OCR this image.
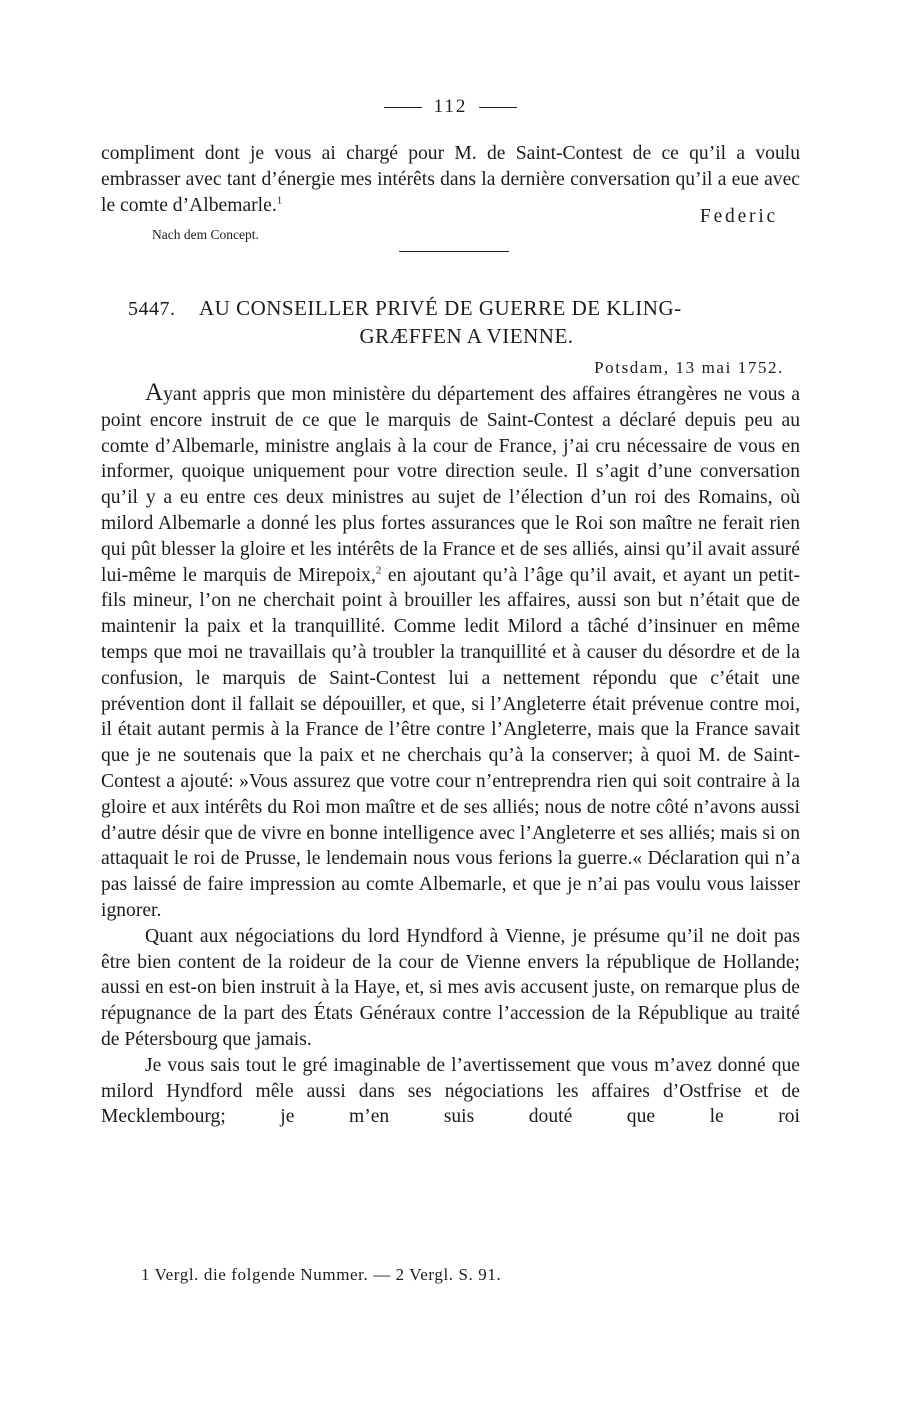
112

compliment dont je vous ai chargé pour M. de Saint-Contest de ce qu’il a voulu embrasser avec tant d’énergie mes intérêts dans la dernière conversation qu’il a eue avec le comte d’Albemarle.$^1$

Federic
Nach dem Concept.
5447. AU CONSEILLER PRIVÉ DE GUERRE DE KLING-
GRÆFFEN A VIENNE.
Potsdam, 13 mai 1752.

Ayant appris que mon ministère du département des affaires étrangères ne vous a point encore instruit de ce que le marquis de Saint-Contest a déclaré depuis peu au comte d’Albemarle, ministre anglais à la cour de France, j’ai cru nécessaire de vous en informer, quoique uniquement pour votre direction seule. Il s’agit d’une conversation qu’il y a eu entre ces deux ministres au sujet de l’élection d’un roi des Romains, où milord Albemarle a donné les plus fortes assurances que le Roi son maître ne ferait rien qui pût blesser la gloire et les intérêts de la France et de ses alliés, ainsi qu’il avait assuré lui-même le marquis de Mirepoix,$^2$ en ajoutant qu’à l’âge qu’il avait, et ayant un petit-fils mineur, l’on ne cherchait point à brouiller les affaires, aussi son but n’était que de maintenir la paix et la tranquillité. Comme ledit Milord a tâché d’insinuer en même temps que moi ne travaillais qu’à troubler la tranquillité et à causer du désordre et de la confusion, le marquis de Saint-Contest lui a nettement répondu que c’était une prévention dont il fallait se dépouiller, et que, si l’Angleterre était prévenue contre moi, il était autant permis à la France de l’être contre l’Angleterre, mais que la France savait que je ne soutenais que la paix et ne cherchais qu’à la conserver; à quoi M. de Saint-Contest a ajouté: »Vous assurez que votre cour n’entreprendra rien qui soit contraire à la gloire et aux intérêts du Roi mon maître et de ses alliés; nous de notre côté n’avons aussi d’autre désir que de vivre en bonne intelligence avec l’Angleterre et ses alliés; mais si on attaquait le roi de Prusse, le lendemain nous vous ferions la guerre.« Déclaration qui n’a pas laissé de faire impression au comte Albemarle, et que je n’ai pas voulu vous laisser ignorer.

Quant aux négociations du lord Hyndford à Vienne, je présume qu’il ne doit pas être bien content de la roideur de la cour de Vienne envers la république de Hollande; aussi en est-on bien instruit à la Haye, et, si mes avis accusent juste, on remarque plus de répugnance de la part des États Généraux contre l’accession de la République au traité de Pétersbourg que jamais.

Je vous sais tout le gré imaginable de l’avertissement que vous m’avez donné que milord Hyndford mêle aussi dans ses négociations les affaires d’Ostfrise et de Mecklembourg; je m’en suis douté que le roi

1 Vergl. die folgende Nummer. — 2 Vergl. S. 91.
